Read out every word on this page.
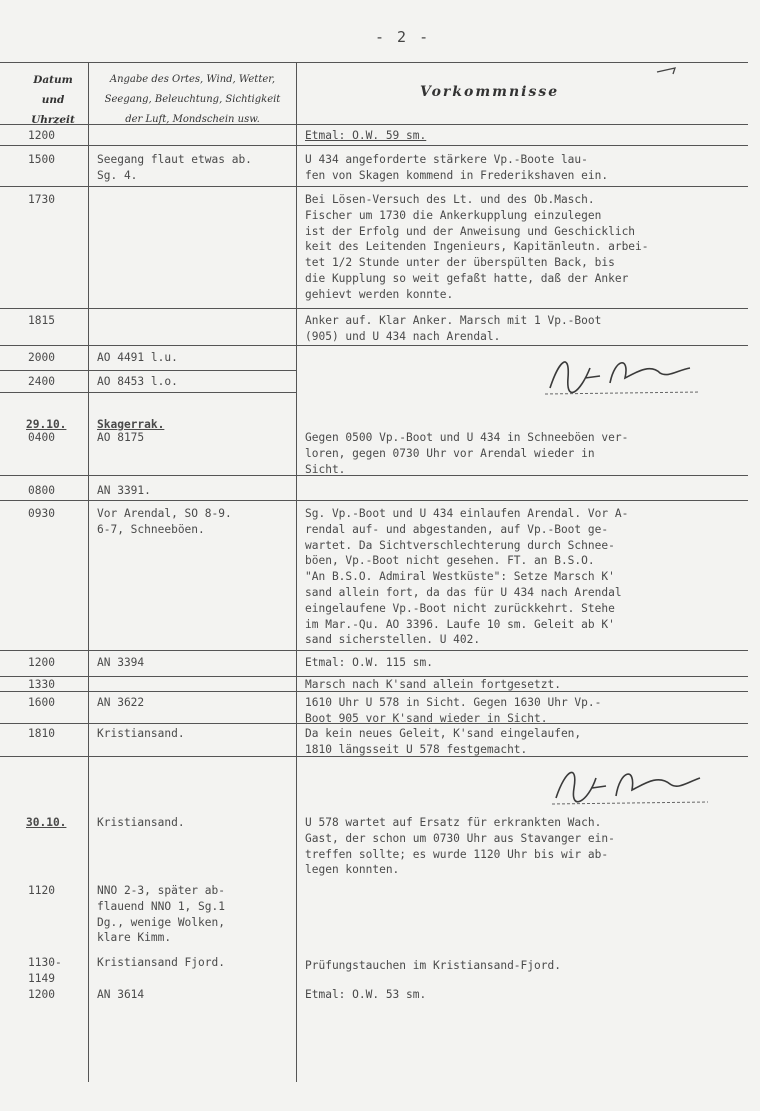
- 2 -
Datum
und
Uhrzeit
Angabe des Ortes, Wind, Wetter,
Seegang, Beleuchtung, Sichtigkeit
der Luft, Mondschein usw.
Vorkommnisse
1200
1500
1730
1815
2000
2400
29.10.
0400
0800
0930
1200
1330
1600
1810
30.10.
1120
1130-
1149
1200
Seegang flaut etwas ab.
Sg. 4.
AO 4491 l.u.
AO 8453 l.o.
Skagerrak.
AO 8175
AN 3391.
Vor Arendal, SO 8-9.
6-7, Schneeböen.
AN 3394
AN 3622
Kristiansand.
Kristiansand.
NNO 2-3, später ab-
flauend NNO 1, Sg.1
Dg., wenige Wolken,
klare Kimm.
Kristiansand Fjord.
AN 3614
Etmal: O.W. 59 sm.
U 434 angeforderte stärkere Vp.-Boote lau-
fen von Skagen kommend in Frederikshaven ein.
Bei Lösen-Versuch des Lt. und des Ob.Masch.
Fischer um 1730 die Ankerkupplung einzulegen
ist der Erfolg und der Anweisung und Geschicklich
keit des Leitenden Ingenieurs, Kapitänleutn. arbei-
tet 1/2 Stunde unter der überspülten Back, bis
die Kupplung so weit gefaßt hatte, daß der Anker
gehievt werden konnte.
Anker auf. Klar Anker. Marsch mit 1 Vp.-Boot
(905) und U 434 nach Arendal.
Gegen 0500 Vp.-Boot und U 434 in Schneeböen ver-
loren, gegen 0730 Uhr vor Arendal wieder in
Sicht.
Sg. Vp.-Boot und U 434 einlaufen Arendal. Vor A-
rendal auf- und abgestanden, auf Vp.-Boot ge-
wartet. Da Sichtverschlechterung durch Schnee-
böen, Vp.-Boot nicht gesehen. FT. an B.S.O.
"An B.S.O. Admiral Westküste": Setze Marsch K'
sand allein fort, da das für U 434 nach Arendal
eingelaufene Vp.-Boot nicht zurückkehrt. Stehe
im Mar.-Qu. AO 3396. Laufe 10 sm. Geleit ab K'
sand sicherstellen. U 402.
Etmal: O.W. 115 sm.
Marsch nach K'sand allein fortgesetzt.
1610 Uhr U 578 in Sicht. Gegen 1630 Uhr Vp.-
Boot 905 vor K'sand wieder in Sicht.
Da kein neues Geleit, K'sand eingelaufen,
1810 längsseit U 578 festgemacht.
U 578 wartet auf Ersatz für erkrankten Wach.
Gast, der schon um 0730 Uhr aus Stavanger ein-
treffen sollte; es wurde 1120 Uhr bis wir ab-
legen konnten.
Prüfungstauchen im Kristiansand-Fjord.
Etmal: O.W. 53 sm.
